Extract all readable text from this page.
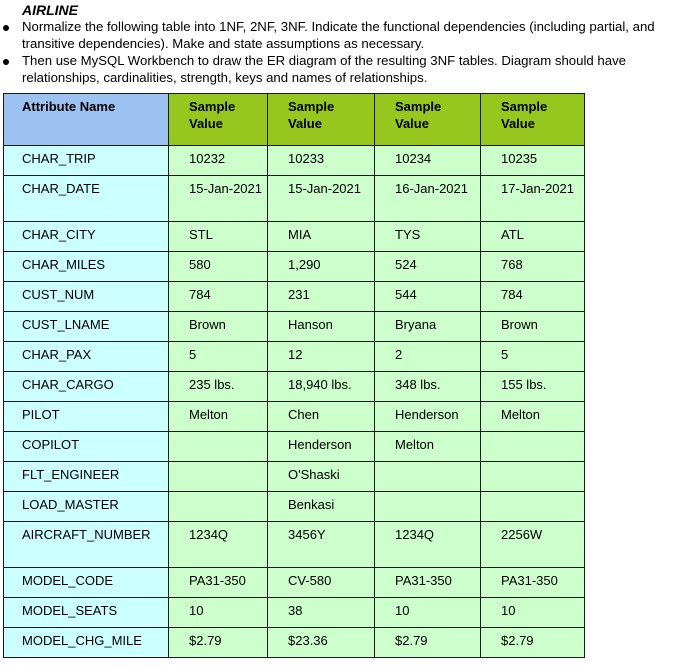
AIRLINE
Normalize the following table into 1NF, 2NF, 3NF. Indicate the functional dependencies (including partial, and transitive dependencies). Make and state assumptions as necessary.
Then use MySQL Workbench to draw the ER diagram of the resulting 3NF tables. Diagram should have relationships, cardinalities, strength, keys and names of relationships.
Attribute Name	Sample Value	Sample Value	Sample Value	Sample Value
CHAR_TRIP	10232	10233	10234	10235
CHAR_DATE	15-Jan-2021	15-Jan-2021	16-Jan-2021	17-Jan-2021
CHAR_CITY	STL	MIA	TYS	ATL
CHAR_MILES	580	1,290	524	768
CUST_NUM	784	231	544	784
CUST_LNAME	Brown	Hanson	Bryana	Brown
CHAR_PAX	5	12	2	5
CHAR_CARGO	235 lbs.	18,940 lbs.	348 lbs.	155 lbs.
PILOT	Melton	Chen	Henderson	Melton
COPILOT		Henderson	Melton	
FLT_ENGINEER		O'Shaski		
LOAD_MASTER		Benkasi		
AIRCRAFT_NUMBER	1234Q	3456Y	1234Q	2256W
MODEL_CODE	PA31-350	CV-580	PA31-350	PA31-350
MODEL_SEATS	10	38	10	10
MODEL_CHG_MILE	$2.79	$23.36	$2.79	$2.79
